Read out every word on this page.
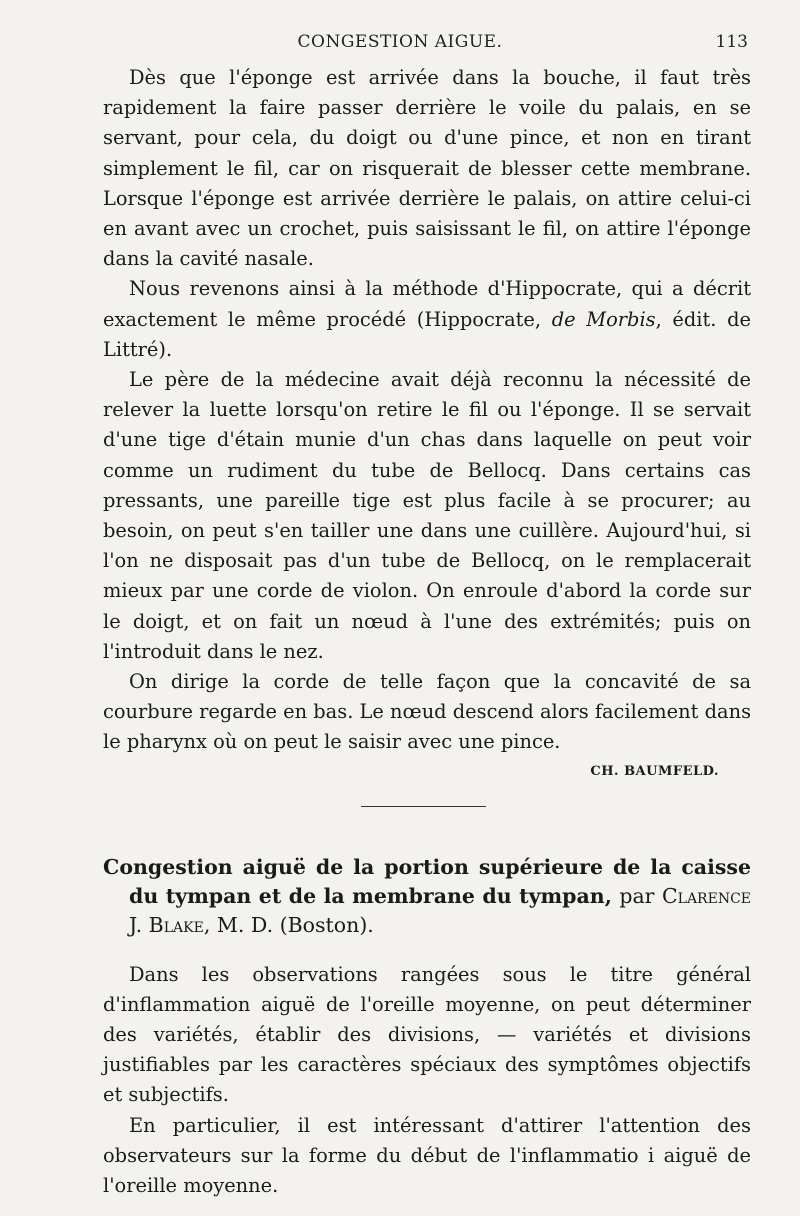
CONGESTION AIGUE.	113

Dès que l'éponge est arrivée dans la bouche, il faut très rapidement la faire passer derrière le voile du palais, en se servant, pour cela, du doigt ou d'une pince, et non en tirant simplement le fil, car on risquerait de blesser cette membrane. Lorsque l'éponge est arrivée derrière le palais, on attire celui-ci en avant avec un crochet, puis saisissant le fil, on attire l'éponge dans la cavité nasale.

Nous revenons ainsi à la méthode d'Hippocrate, qui a décrit exactement le même procédé (Hippocrate, de Morbis, édit. de Littré).

Le père de la médecine avait déjà reconnu la nécessité de relever la luette lorsqu'on retire le fil ou l'éponge. Il se servait d'une tige d'étain munie d'un chas dans laquelle on peut voir comme un rudiment du tube de Bellocq. Dans certains cas pressants, une pareille tige est plus facile à se procurer; au besoin, on peut s'en tailler une dans une cuillère. Aujourd'hui, si l'on ne disposait pas d'un tube de Bellocq, on le remplacerait mieux par une corde de violon. On enroule d'abord la corde sur le doigt, et on fait un nœud à l'une des extrémités; puis on l'introduit dans le nez.

On dirige la corde de telle façon que la concavité de sa courbure regarde en bas. Le nœud descend alors facilement dans le pharynx où on peut le saisir avec une pince.

CH. BAUMFELD.
Congestion aiguë de la portion supérieure de la caisse du tympan et de la membrane du tympan, par Clarence J. Blake, M. D. (Boston).

Dans les observations rangées sous le titre général d'inflammation aiguë de l'oreille moyenne, on peut déterminer des variétés, établir des divisions, — variétés et divisions justifiables par les caractères spéciaux des symptômes objectifs et subjectifs.

En particulier, il est intéressant d'attirer l'attention des observateurs sur la forme du début de l'inflammatio i aiguë de l'oreille moyenne.
